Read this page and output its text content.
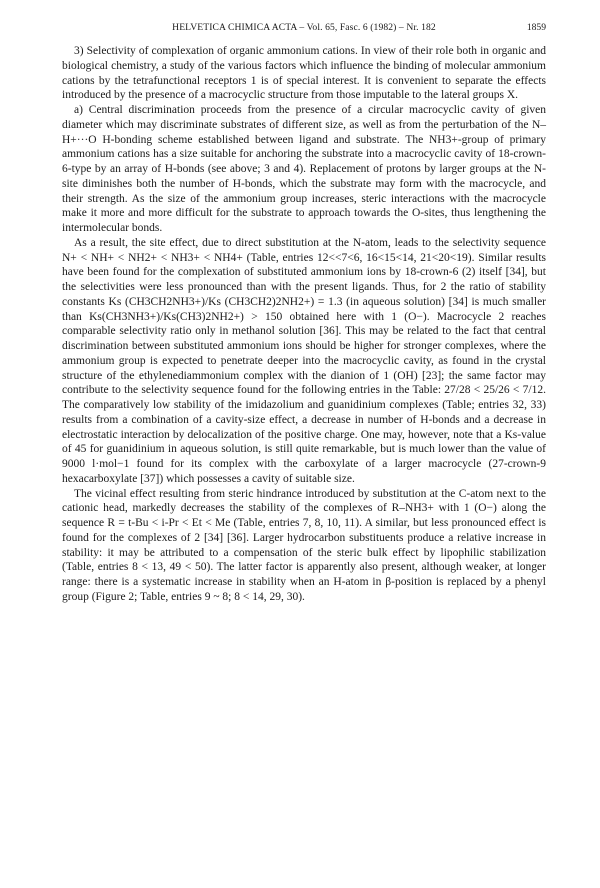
HELVETICA CHIMICA ACTA – Vol. 65, Fasc. 6 (1982) – Nr. 182	1859

3) Selectivity of complexation of organic ammonium cations. In view of their role both in organic and biological chemistry, a study of the various factors which influence the binding of molecular ammonium cations by the tetrafunctional receptors 1 is of special interest. It is convenient to separate the effects introduced by the presence of a macrocyclic structure from those imputable to the lateral groups X.

a) Central discrimination proceeds from the presence of a circular macrocyclic cavity of given diameter which may discriminate substrates of different size, as well as from the perturbation of the N–H+···O H-bonding scheme established between ligand and substrate. The NH3+-group of primary ammonium cations has a size suitable for anchoring the substrate into a macrocyclic cavity of 18-crown-6-type by an array of H-bonds (see above; 3 and 4). Replacement of protons by larger groups at the N-site diminishes both the number of H-bonds, which the substrate may form with the macrocycle, and their strength. As the size of the ammonium group increases, steric interactions with the macrocycle make it more and more difficult for the substrate to approach towards the O-sites, thus lengthening the intermolecular bonds.

As a result, the site effect, due to direct substitution at the N-atom, leads to the selectivity sequence N+ < NH+ < NH2+ < NH3+ < NH4+ (Table, entries 12<<7<6, 16<15<14, 21<20<19). Similar results have been found for the complexation of substituted ammonium ions by 18-crown-6 (2) itself [34], but the selectivities were less pronounced than with the present ligands. Thus, for 2 the ratio of stability constants Ks (CH3CH2NH3+)/Ks (CH3CH2)2NH2+) = 1.3 (in aqueous solution) [34] is much smaller than Ks(CH3NH3+)/Ks(CH3)2NH2+) > 150 obtained here with 1 (O−). Macrocycle 2 reaches comparable selectivity ratio only in methanol solution [36]. This may be related to the fact that central discrimination between substituted ammonium ions should be higher for stronger complexes, where the ammonium group is expected to penetrate deeper into the macrocyclic cavity, as found in the crystal structure of the ethylenediammonium complex with the dianion of 1 (OH) [23]; the same factor may contribute to the selectivity sequence found for the following entries in the Table: 27/28 < 25/26 < 7/12. The comparatively low stability of the imidazolium and guanidinium complexes (Table; entries 32, 33) results from a combination of a cavity-size effect, a decrease in number of H-bonds and a decrease in electrostatic interaction by delocalization of the positive charge. One may, however, note that a Ks-value of 45 for guanidinium in aqueous solution, is still quite remarkable, but is much lower than the value of 9000 l·mol−1 found for its complex with the carboxylate of a larger macrocycle (27-crown-9 hexacarboxylate [37]) which possesses a cavity of suitable size.

The vicinal effect resulting from steric hindrance introduced by substitution at the C-atom next to the cationic head, markedly decreases the stability of the complexes of R–NH3+ with 1 (O−) along the sequence R = t-Bu < i-Pr < Et < Me (Table, entries 7, 8, 10, 11). A similar, but less pronounced effect is found for the complexes of 2 [34] [36]. Larger hydrocarbon substituents produce a relative increase in stability: it may be attributed to a compensation of the steric bulk effect by lipophilic stabilization (Table, entries 8 < 13, 49 < 50). The latter factor is apparently also present, although weaker, at longer range: there is a systematic increase in stability when an H-atom in β-position is replaced by a phenyl group (Figure 2; Table, entries 9 ~ 8; 8 < 14, 29, 30).
